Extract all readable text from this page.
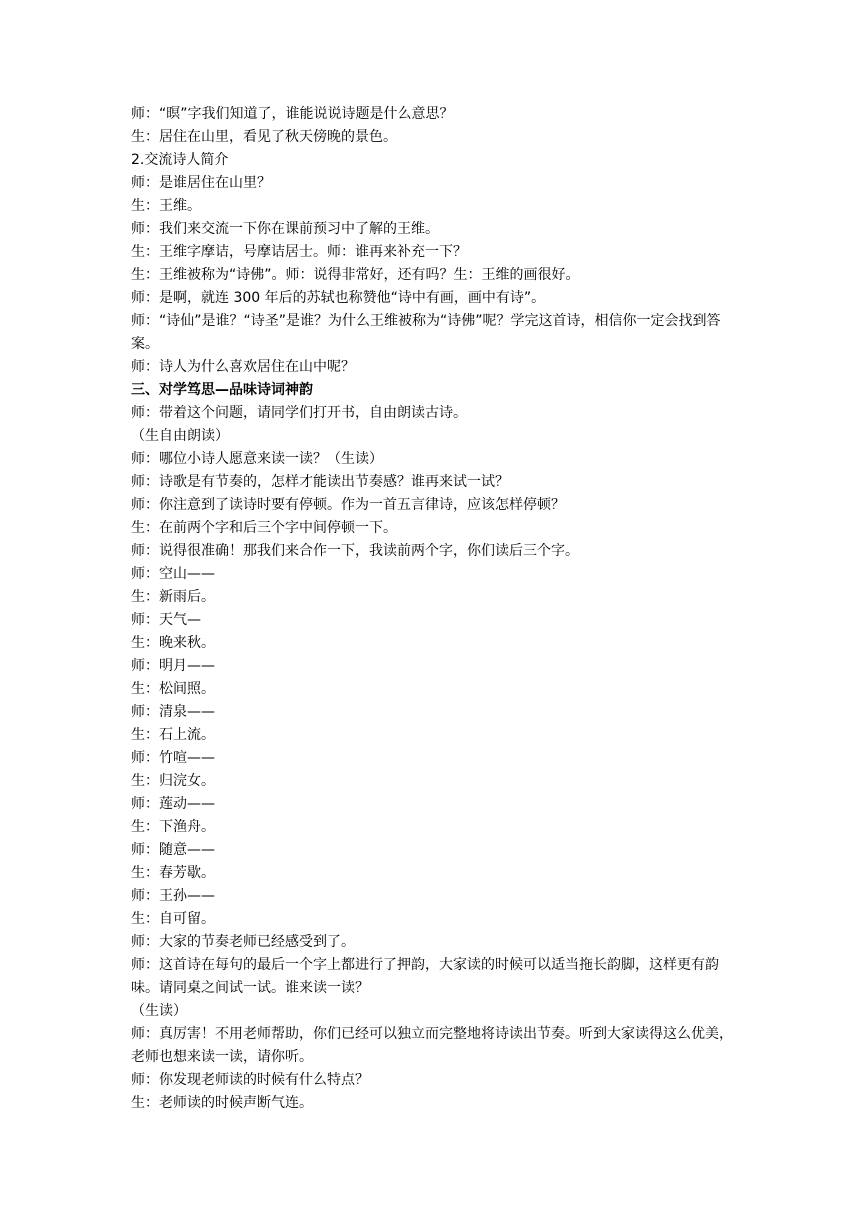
师：“暝”字我们知道了，谁能说说诗题是什么意思？

生：居住在山里，看见了秋天傍晚的景色。

2.交流诗人简介

师：是谁居住在山里？

生：王维。

师：我们来交流一下你在课前预习中了解的王维。

生：王维字摩诘，号摩诘居士。师：谁再来补充一下？

生：王维被称为“诗佛”。师：说得非常好，还有吗？生：王维的画很好。

师：是啊，就连 300 年后的苏轼也称赞他“诗中有画，画中有诗”。

师：“诗仙”是谁？“诗圣”是谁？为什么王维被称为“诗佛”呢？学完这首诗，相信你一定会找到答案。

师：诗人为什么喜欢居住在山中呢？

三、对学笃思—品味诗词神韵

师：带着这个问题，请同学们打开书，自由朗读古诗。

（生自由朗读）

师：哪位小诗人愿意来读一读？（生读）

师：诗歌是有节奏的，怎样才能读出节奏感？谁再来试一试？

师：你注意到了读诗时要有停顿。作为一首五言律诗，应该怎样停顿？

生：在前两个字和后三个字中间停顿一下。

师：说得很准确！那我们来合作一下，我读前两个字，你们读后三个字。

师：空山——

生：新雨后。

师：天气—

生：晚来秋。

师：明月——

生：松间照。

师：清泉——

生：石上流。

师：竹喧——

生：归浣女。

师：莲动——

生：下渔舟。

师：随意——

生：春芳歇。

师：王孙——

生：自可留。

师：大家的节奏老师已经感受到了。

师：这首诗在每句的最后一个字上都进行了押韵，大家读的时候可以适当拖长韵脚，这样更有韵味。请同桌之间试一试。谁来读一读？

（生读）

师：真厉害！不用老师帮助，你们已经可以独立而完整地将诗读出节奏。听到大家读得这么优美，老师也想来读一读，请你听。

师：你发现老师读的时候有什么特点？

生：老师读的时候声断气连。
